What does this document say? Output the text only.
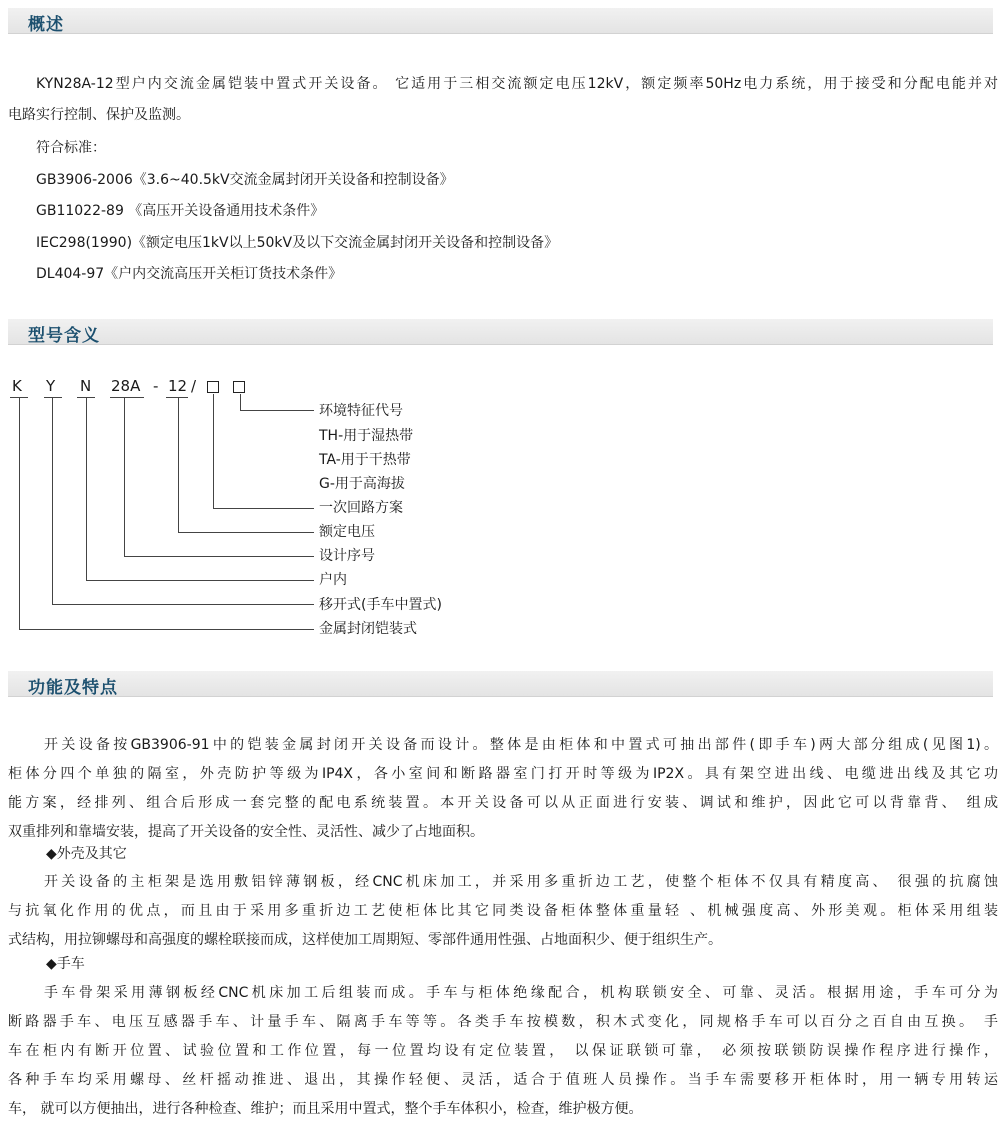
概述
KYN28A-12型户内交流金属铠装中置式开关设备。 它适用于三相交流额定电压12kV，额定频率50Hz电力系统，用于接受和分配电能并对
电路实行控制、保护及监测。
符合标准：
GB3906-2006《3.6~40.5kV交流金属封闭开关设备和控制设备》
GB11022-89 《高压开关设备通用技术条件》
IEC298(1990)《额定电压1kV以上50kV及以下交流金属封闭开关设备和控制设备》
DL404-97《户内交流高压开关柜订货技术条件》
型号含义
K Y N 28A - 12 /
环境特征代号
TH-用于湿热带
TA-用于干热带
G-用于高海拔
一次回路方案
额定电压
设计序号
户内
移开式(手车中置式)
金属封闭铠装式
功能及特点
开关设备按GB3906-91中的铠装金属封闭开关设备而设计。整体是由柜体和中置式可抽出部件(即手车)两大部分组成(见图1)。
柜体分四个单独的隔室，外壳防护等级为IP4X，各小室间和断路器室门打开时等级为IP2X。具有架空进出线、电缆进出线及其它功
能方案，经排列、组合后形成一套完整的配电系统装置。本开关设备可以从正面进行安装、调试和维护，因此它可以背靠背、 组成
双重排列和靠墙安装，提高了开关设备的安全性、灵活性、减少了占地面积。
◆外壳及其它
开关设备的主柜架是选用敷铝锌薄钢板，经CNC机床加工，并采用多重折边工艺，使整个柜体不仅具有精度高、 很强的抗腐蚀
与抗氧化作用的优点，而且由于采用多重折边工艺使柜体比其它同类设备柜体整体重量轻 、机械强度高、外形美观。柜体采用组装
式结构，用拉铆螺母和高强度的螺栓联接而成，这样使加工周期短、零部件通用性强、占地面积少、便于组织生产。
◆手车
手车骨架采用薄钢板经CNC机床加工后组装而成。手车与柜体绝缘配合，机构联锁安全、可靠、灵活。根据用途，手车可分为
断路器手车、电压互感器手车、计量手车、隔离手车等等。各类手车按模数，积木式变化，同规格手车可以百分之百自由互换。 手
车在柜内有断开位置、试验位置和工作位置，每一位置均设有定位装置， 以保证联锁可靠， 必须按联锁防误操作程序进行操作，
各种手车均采用螺母、丝杆摇动推进、退出，其操作轻便、灵活，适合于值班人员操作。当手车需要移开柜体时，用一辆专用转运
车， 就可以方便抽出，进行各种检查、维护；而且采用中置式，整个手车体积小，检查，维护极方便。
